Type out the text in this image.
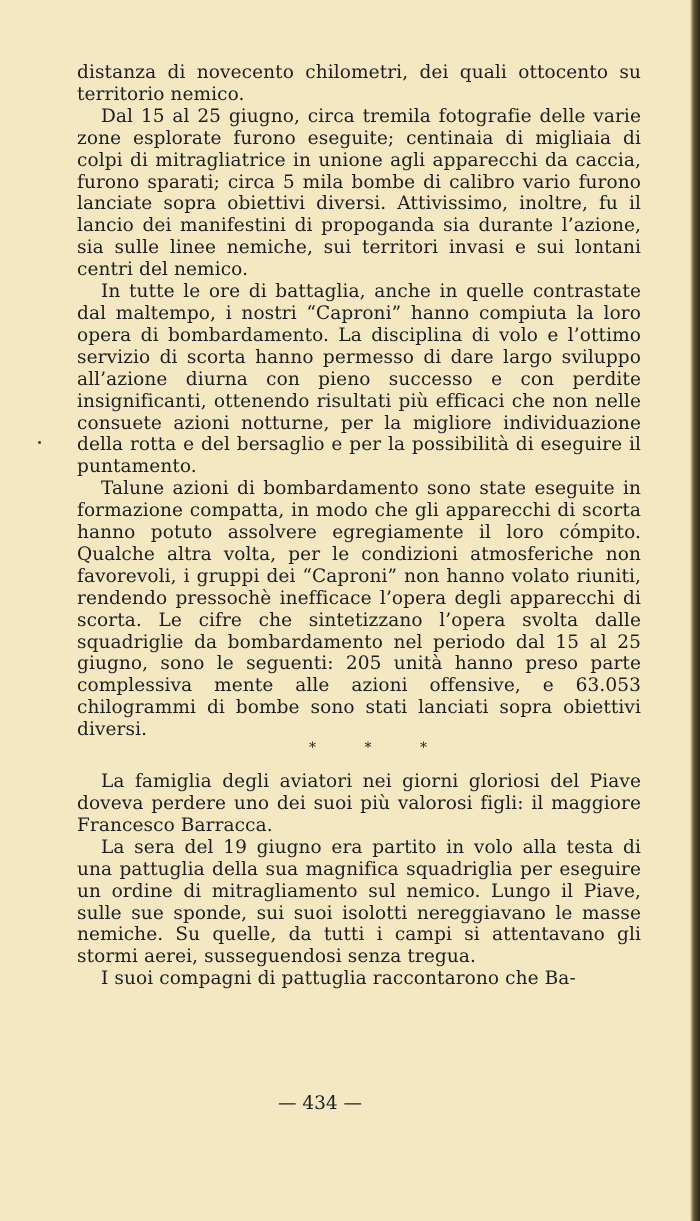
distanza di novecento chilometri, dei quali ottocento su territorio nemico.

Dal 15 al 25 giugno, circa tremila fotografie delle varie zone esplorate furono eseguite; centinaia di migliaia di colpi di mitragliatrice in unione agli apparecchi da caccia, furono sparati; circa 5 mila bombe di calibro vario furono lanciate sopra obiettivi diversi. Attivissimo, inoltre, fu il lancio dei manifestini di propoganda sia durante l’azione, sia sulle linee nemiche, sui territori invasi e sui lontani centri del nemico.

In tutte le ore di battaglia, anche in quelle contrastate dal maltempo, i nostri “Caproni” hanno compiuta la loro opera di bombardamento. La disciplina di volo e l’ottimo servizio di scorta hanno permesso di dare largo sviluppo all’azione diurna con pieno successo e con perdite insignificanti, ottenendo risultati più efficaci che non nelle consuete azioni notturne, per la migliore individuazione della rotta e del bersaglio e per la possibilità di eseguire il puntamento.

Talune azioni di bombardamento sono state eseguite in formazione compatta, in modo che gli apparecchi di scorta hanno potuto assolvere egregiamente il loro cómpito. Qualche altra volta, per le condizioni atmosferiche non favorevoli, i gruppi dei “Caproni” non hanno volato riuniti, rendendo pressochè inefficace l’opera degli apparecchi di scorta. Le cifre che sintetizzano l’opera svolta dalle squadriglie da bombardamento nel periodo dal 15 al 25 giugno, sono le seguenti: 205 unità hanno preso parte complessiva mente alle azioni offensive, e 63.053 chilogrammi di bombe sono stati lanciati sopra obiettivi diversi.

* * *

La famiglia degli aviatori nei giorni gloriosi del Piave doveva perdere uno dei suoi più valorosi figli: il maggiore Francesco Barracca.

La sera del 19 giugno era partito in volo alla testa di una pattuglia della sua magnifica squadriglia per eseguire un ordine di mitragliamento sul nemico. Lungo il Piave, sulle sue sponde, sui suoi isolotti nereggiavano le masse nemiche. Su quelle, da tutti i campi si attentavano gli stormi aerei, susseguendosi senza tregua.

I suoi compagni di pattuglia raccontarono che Ba-

— 434 —
